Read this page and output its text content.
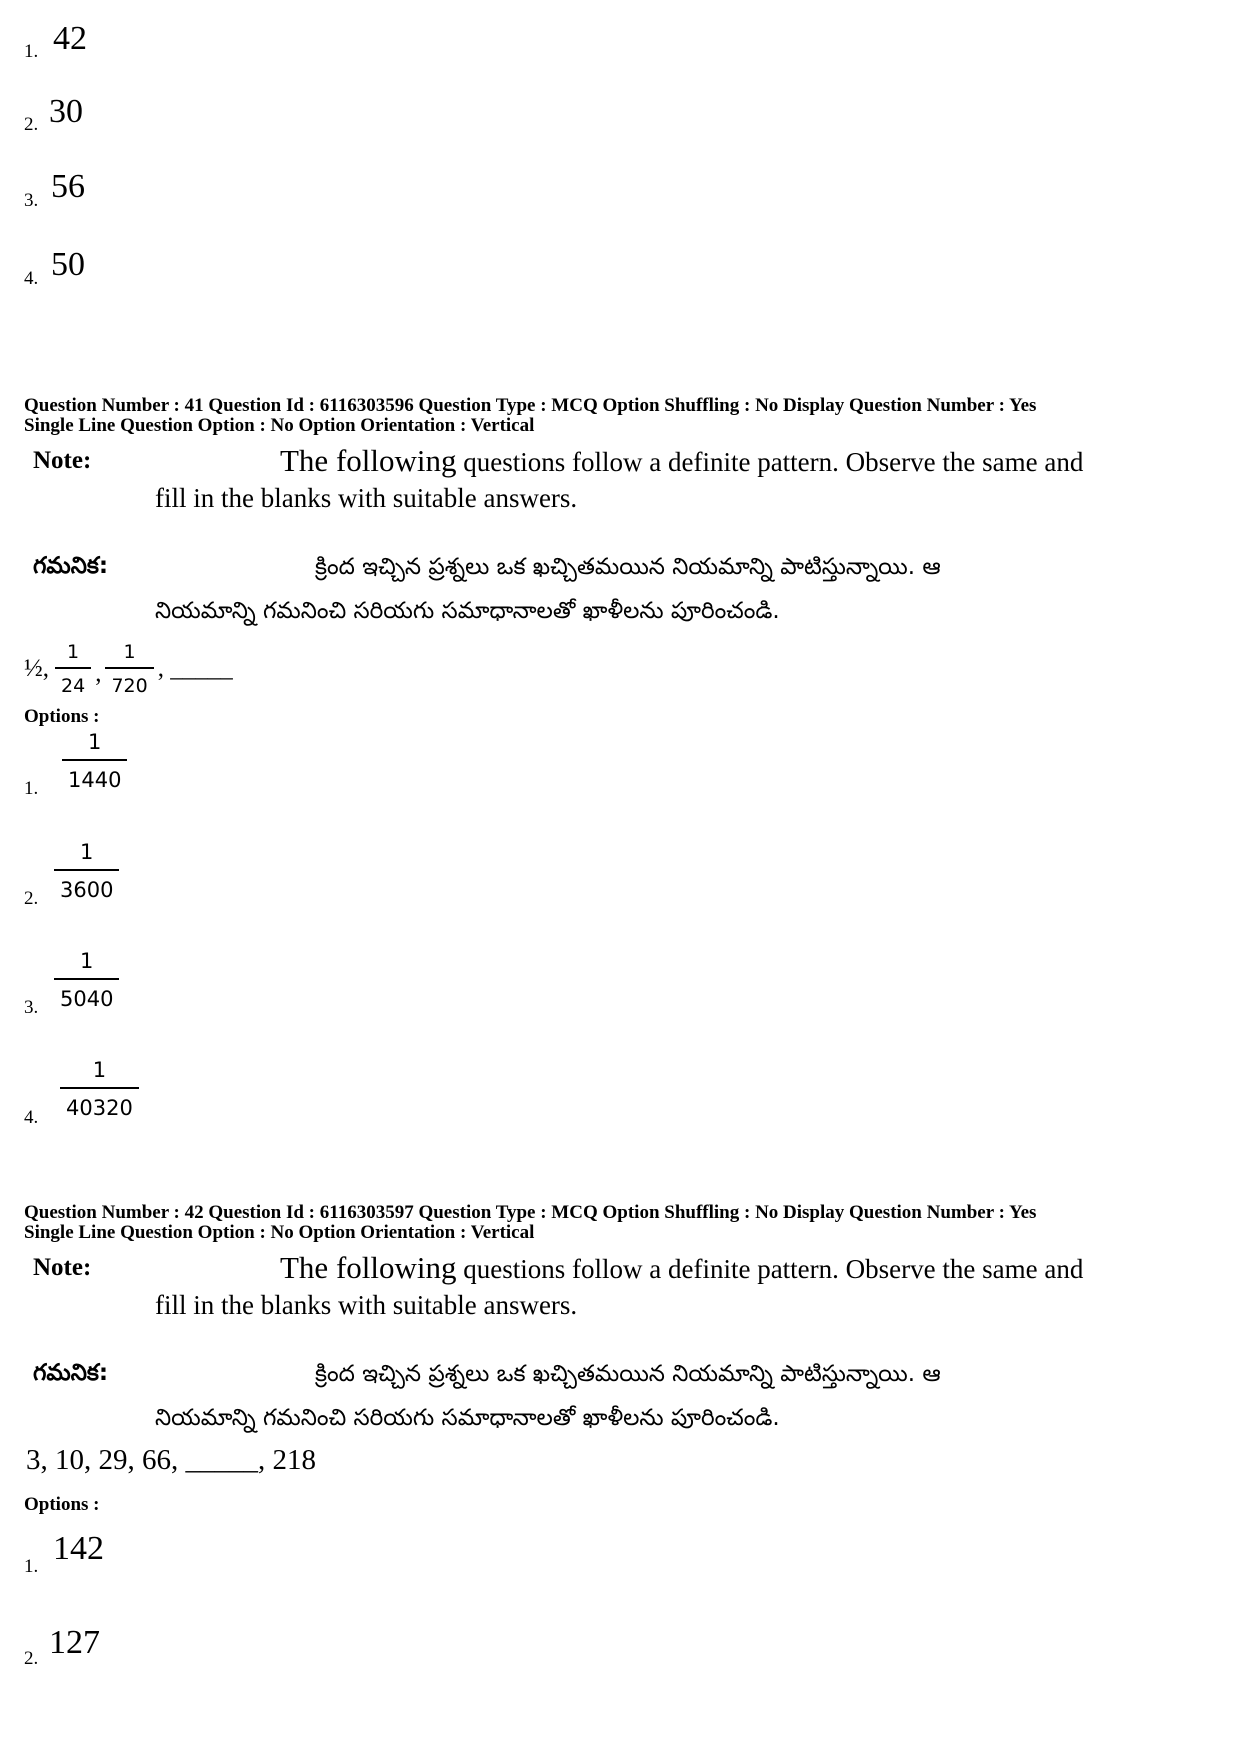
1. 42
2. 30
3. 56
4. 50
Question Number : 41 Question Id : 6116303596 Question Type : MCQ Option Shuffling : No Display Question Number : Yes
Single Line Question Option : No Option Orientation : Vertical
Note:	The following questions follow a definite pattern. Observe the same and
fill in the blanks with suitable answers.
గమనిక:	క్రింద ఇచ్చిన ప్రశ్నలు ఒక ఖచ్చితమయిన నియమాన్ని పాటిస్తున్నాయి. ఆ
నియమాన్ని గమనించి సరియగు సమాధానాలతో ఖాళీలను పూరించండి.
½, $\frac{1}{24}$ , $\frac{1}{720}$ , _____
Options :
1. $\frac{1}{1440}$
2. $\frac{1}{3600}$
3. $\frac{1}{5040}$
4. $\frac{1}{40320}$
Question Number : 42 Question Id : 6116303597 Question Type : MCQ Option Shuffling : No Display Question Number : Yes
Single Line Question Option : No Option Orientation : Vertical
Note:	The following questions follow a definite pattern. Observe the same and
fill in the blanks with suitable answers.
గమనిక:	క్రింద ఇచ్చిన ప్రశ్నలు ఒక ఖచ్చితమయిన నియమాన్ని పాటిస్తున్నాయి. ఆ
నియమాన్ని గమనించి సరియగు సమాధానాలతో ఖాళీలను పూరించండి.
3, 10, 29, 66, _____, 218
Options :
1. 142
2. 127
